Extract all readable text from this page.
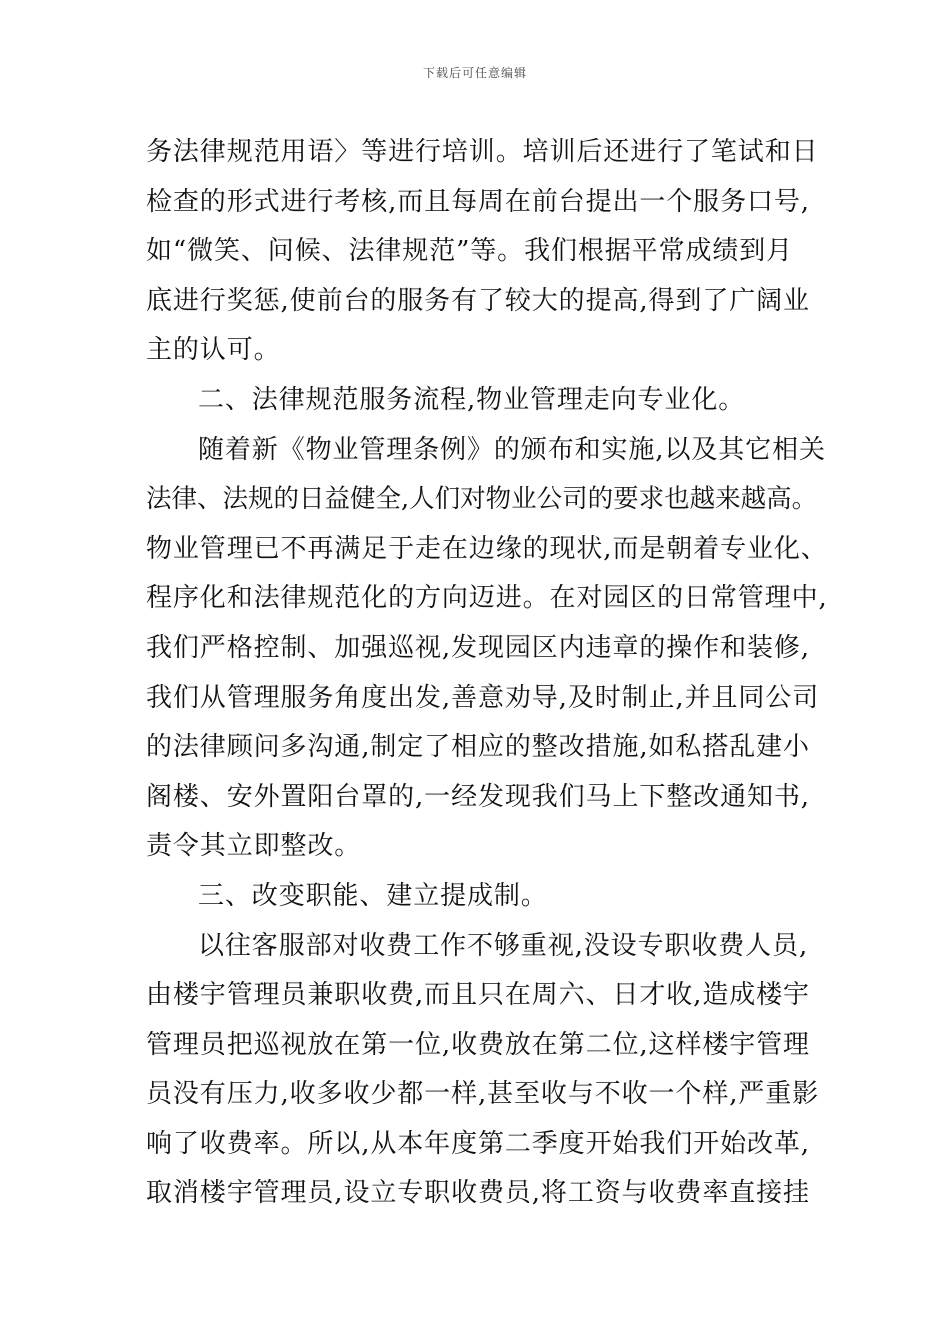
下载后可任意编辑
务法律规范用语〉等进行培训。培训后还进行了笔试和日
检查的形式进行考核,而且每周在前台提出一个服务口号,
如“微笑、问候、法律规范”等。我们根据平常成绩到月
底进行奖惩,使前台的服务有了较大的提高,得到了广阔业
主的认可。
二、法律规范服务流程,物业管理走向专业化。
随着新《物业管理条例》的颁布和实施,以及其它相关
法律、法规的日益健全,人们对物业公司的要求也越来越高。
物业管理已不再满足于走在边缘的现状,而是朝着专业化、
程序化和法律规范化的方向迈进。在对园区的日常管理中,
我们严格控制、加强巡视,发现园区内违章的操作和装修,
我们从管理服务角度出发,善意劝导,及时制止,并且同公司
的法律顾问多沟通,制定了相应的整改措施,如私搭乱建小
阁楼、安外置阳台罩的,一经发现我们马上下整改通知书,
责令其立即整改。
三、改变职能、建立提成制。
以往客服部对收费工作不够重视,没设专职收费人员,
由楼宇管理员兼职收费,而且只在周六、日才收,造成楼宇
管理员把巡视放在第一位,收费放在第二位,这样楼宇管理
员没有压力,收多收少都一样,甚至收与不收一个样,严重影
响了收费率。所以,从本年度第二季度开始我们开始改革,
取消楼宇管理员,设立专职收费员,将工资与收费率直接挂
